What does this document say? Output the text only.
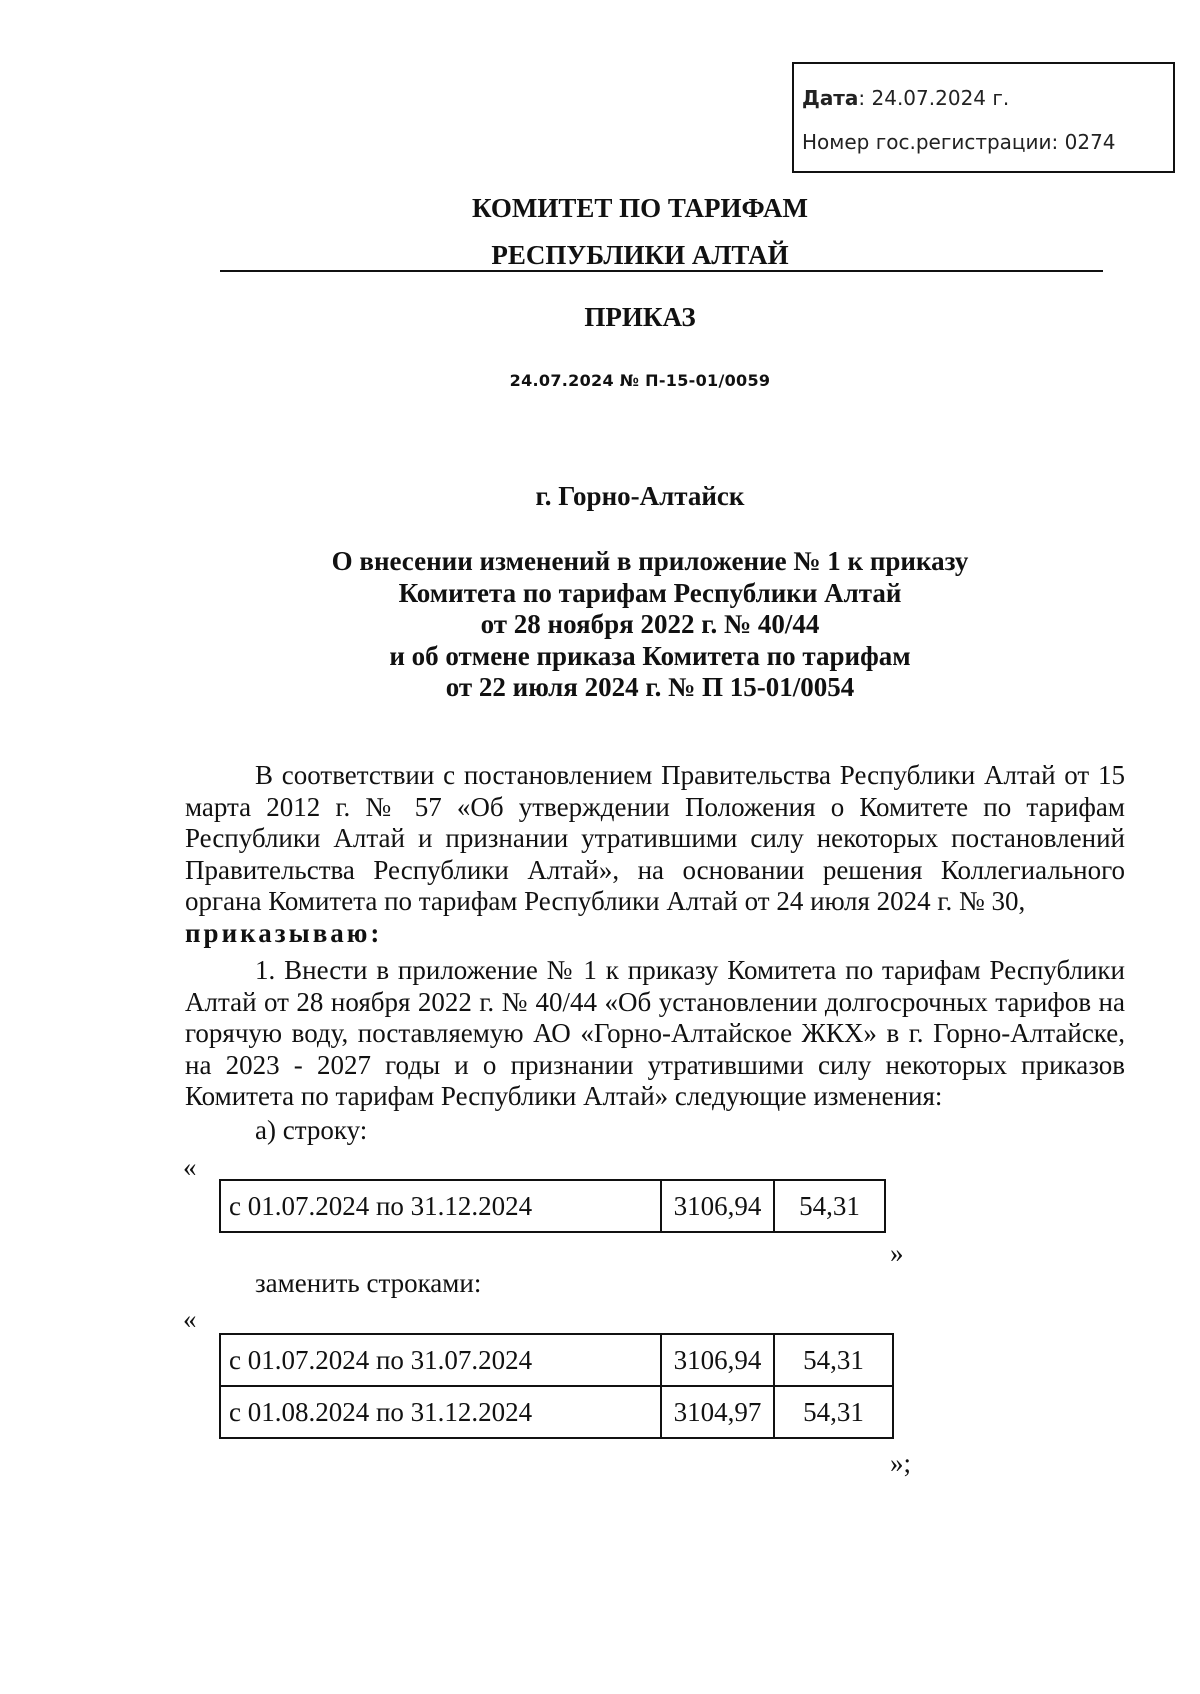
Дата: 24.07.2024 г.
Номер гос.регистрации: 0274
КОМИТЕТ ПО ТАРИФАМ
РЕСПУБЛИКИ АЛТАЙ
ПРИКАЗ
24.07.2024 № П-15-01/0059
г. Горно-Алтайск
О внесении изменений в приложение № 1 к приказу
Комитета по тарифам Республики Алтай
от 28 ноября 2022 г. № 40/44
и об отмене приказа Комитета по тарифам
от 22 июля 2024 г. № П 15-01/0054
В соответствии с постановлением Правительства Республики Алтай от 15 марта 2012 г. № 57 «Об утверждении Положения о Комитете по тарифам Республики Алтай и признании утратившими силу некоторых постановлений Правительства Республики Алтай», на основании решения Коллегиального органа Комитета по тарифам Республики Алтай от 24 июля 2024 г. № 30,
приказываю:
1. Внести в приложение № 1 к приказу Комитета по тарифам Республики Алтай от 28 ноября 2022 г. № 40/44 «Об установлении долгосрочных тарифов на горячую воду, поставляемую АО «Горно-Алтайское ЖКХ» в г. Горно-Алтайске, на 2023 - 2027 годы и о признании утратившими силу некоторых приказов Комитета по тарифам Республики Алтай» следующие изменения:
а) строку:
«
с 01.07.2024 по 31.12.2024	3106,94	54,31
»
заменить строками:
«
с 01.07.2024 по 31.07.2024	3106,94	54,31
с 01.08.2024 по 31.12.2024	3104,97	54,31
»;
